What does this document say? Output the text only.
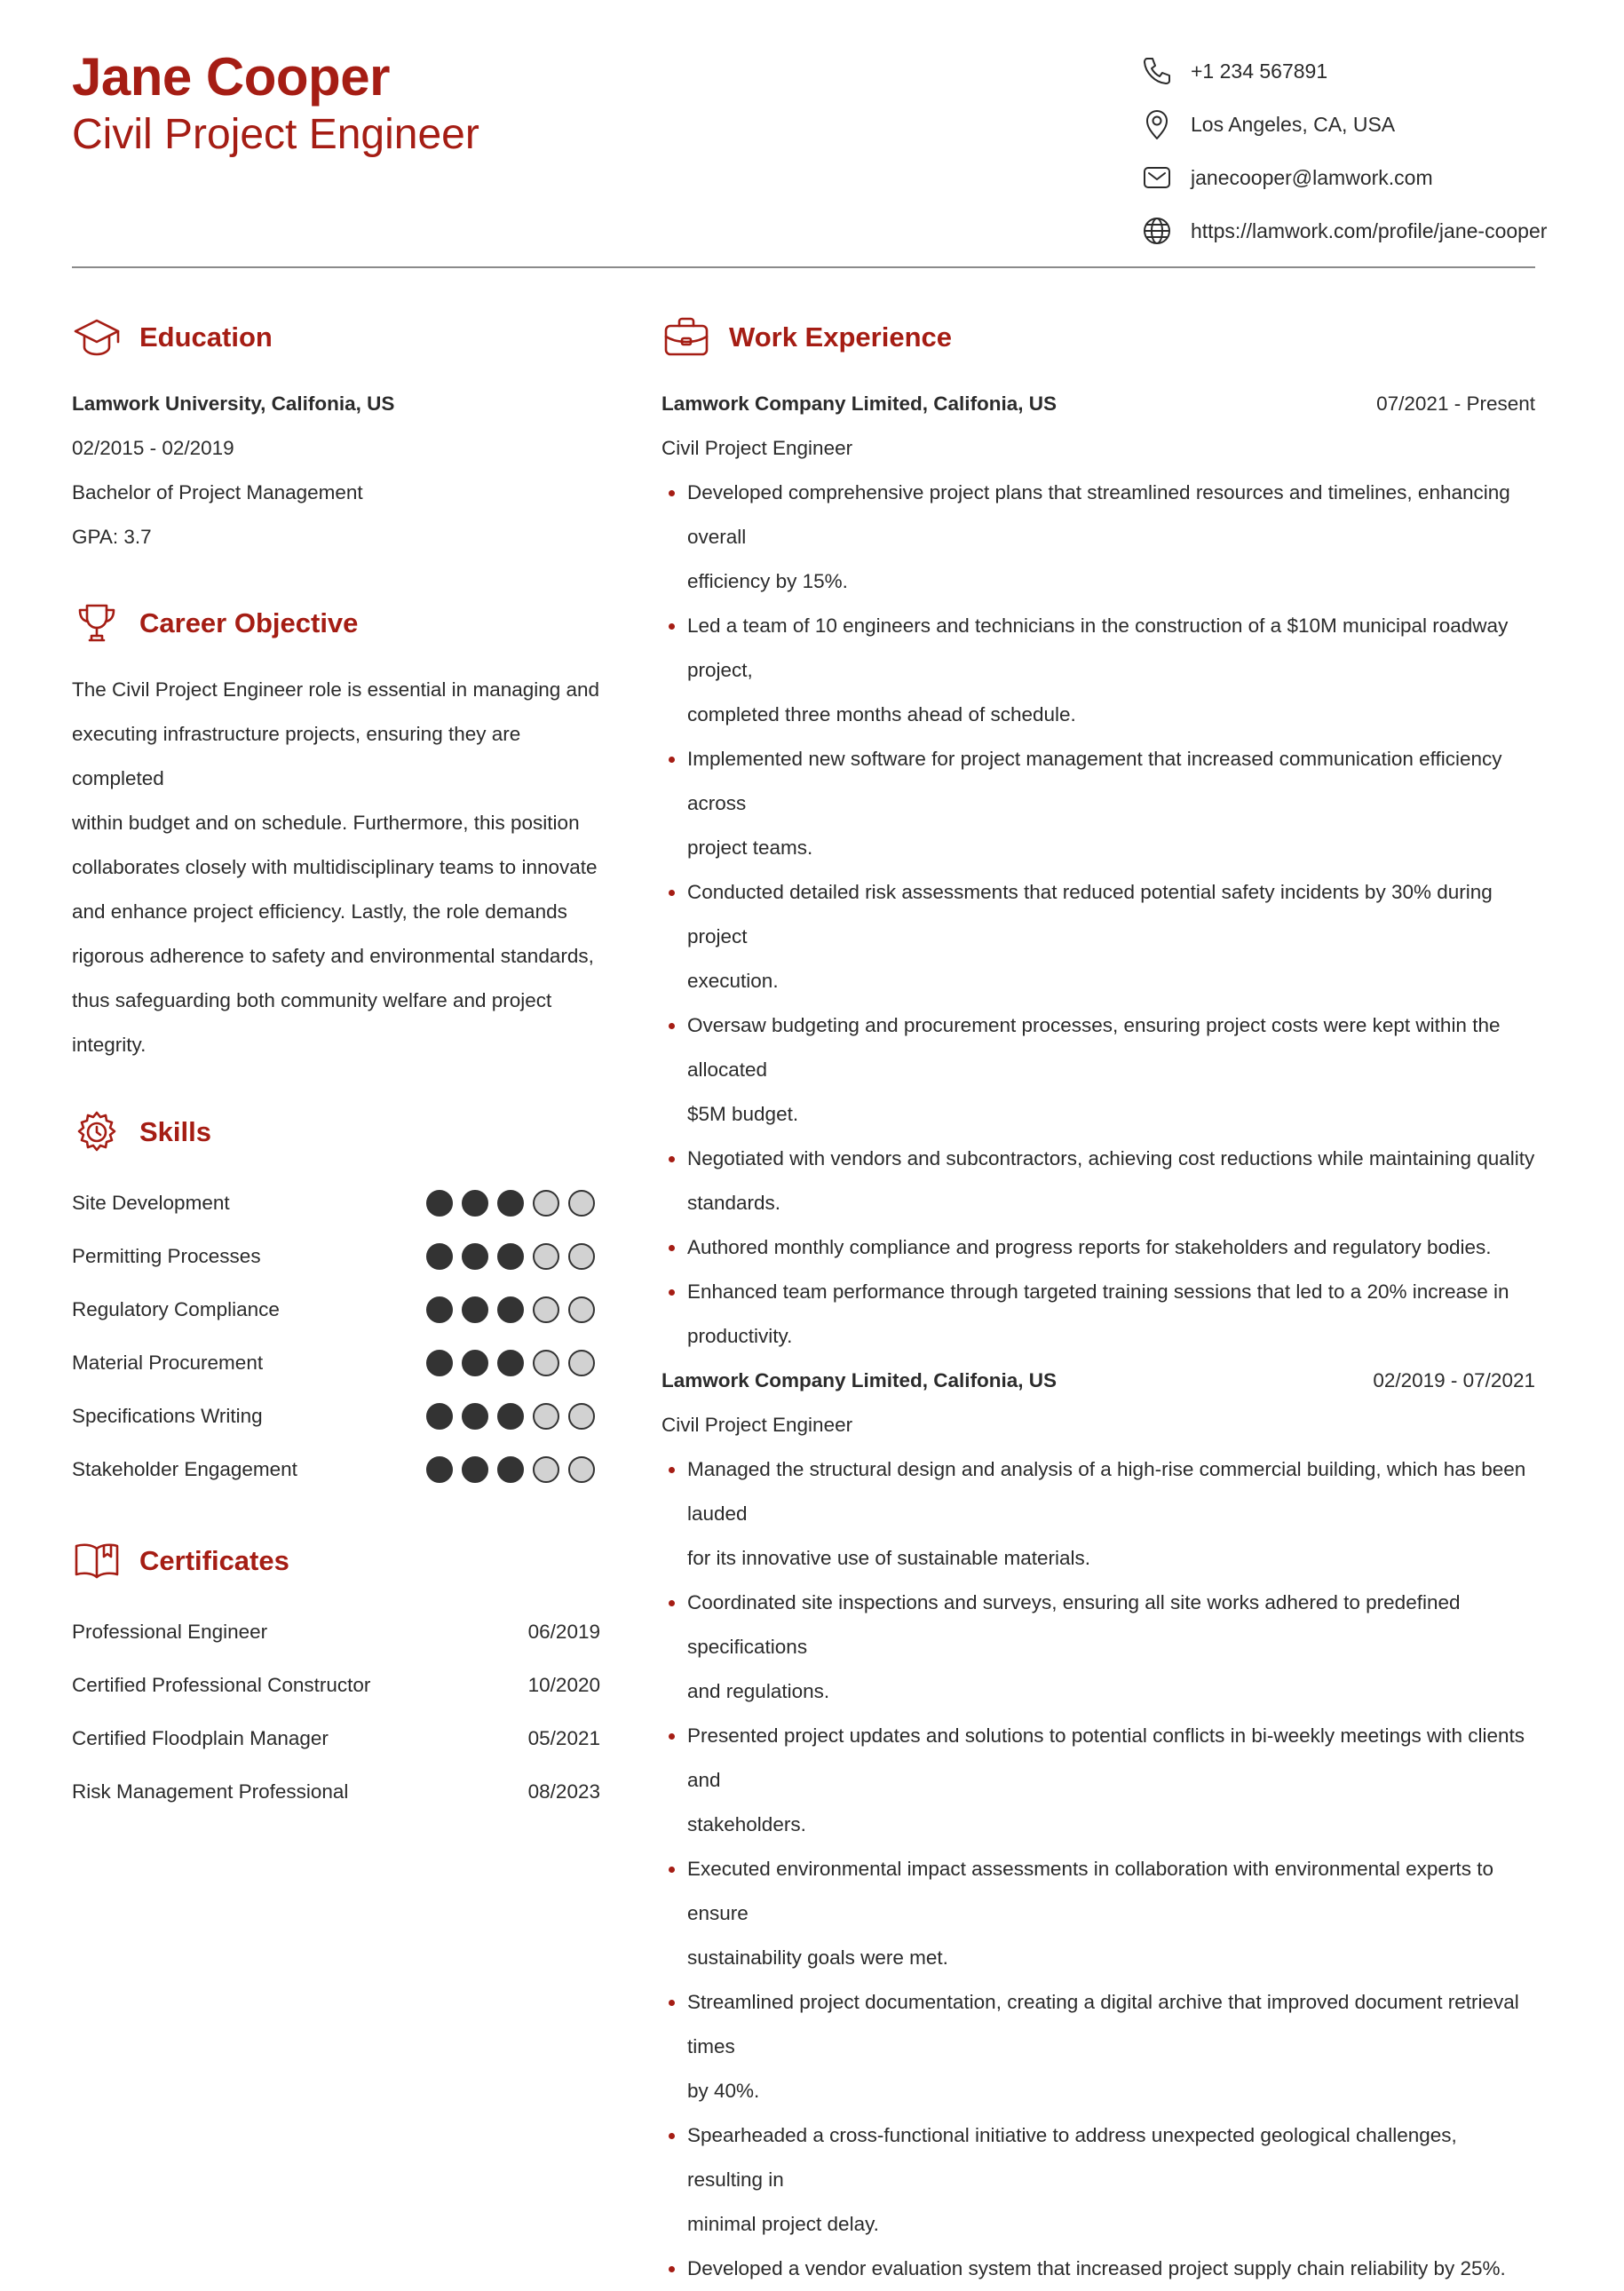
Jane Cooper
Civil Project Engineer
+1 234 567891
Los Angeles, CA, USA
janecooper@lamwork.com
https://lamwork.com/profile/jane-cooper
Education
Lamwork University, Califonia, US
02/2015 - 02/2019
Bachelor of Project Management
GPA: 3.7
Career Objective
The Civil Project Engineer role is essential in managing and
executing infrastructure projects, ensuring they are completed
within budget and on schedule. Furthermore, this position
collaborates closely with multidisciplinary teams to innovate
and enhance project efficiency. Lastly, the role demands
rigorous adherence to safety and environmental standards,
thus safeguarding both community welfare and project
integrity.
Skills
Site Development
Permitting Processes
Regulatory Compliance
Material Procurement
Specifications Writing
Stakeholder Engagement
Certificates
Professional Engineer	06/2019
Certified Professional Constructor	10/2020
Certified Floodplain Manager	05/2021
Risk Management Professional	08/2023
Work Experience
Lamwork Company Limited, Califonia, US	07/2021 - Present
Civil Project Engineer
Developed comprehensive project plans that streamlined resources and timelines, enhancing overall
efficiency by 15%.
Led a team of 10 engineers and technicians in the construction of a $10M municipal roadway project,
completed three months ahead of schedule.
Implemented new software for project management that increased communication efficiency across
project teams.
Conducted detailed risk assessments that reduced potential safety incidents by 30% during project
execution.
Oversaw budgeting and procurement processes, ensuring project costs were kept within the allocated
$5M budget.
Negotiated with vendors and subcontractors, achieving cost reductions while maintaining quality
standards.
Authored monthly compliance and progress reports for stakeholders and regulatory bodies.
Enhanced team performance through targeted training sessions that led to a 20% increase in
productivity.
Lamwork Company Limited, Califonia, US	02/2019 - 07/2021
Civil Project Engineer
Managed the structural design and analysis of a high-rise commercial building, which has been lauded
for its innovative use of sustainable materials.
Coordinated site inspections and surveys, ensuring all site works adhered to predefined specifications
and regulations.
Presented project updates and solutions to potential conflicts in bi-weekly meetings with clients and
stakeholders.
Executed environmental impact assessments in collaboration with environmental experts to ensure
sustainability goals were met.
Streamlined project documentation, creating a digital archive that improved document retrieval times
by 40%.
Spearheaded a cross-functional initiative to address unexpected geological challenges, resulting in
minimal project delay.
Developed a vendor evaluation system that increased project supply chain reliability by 25%.
